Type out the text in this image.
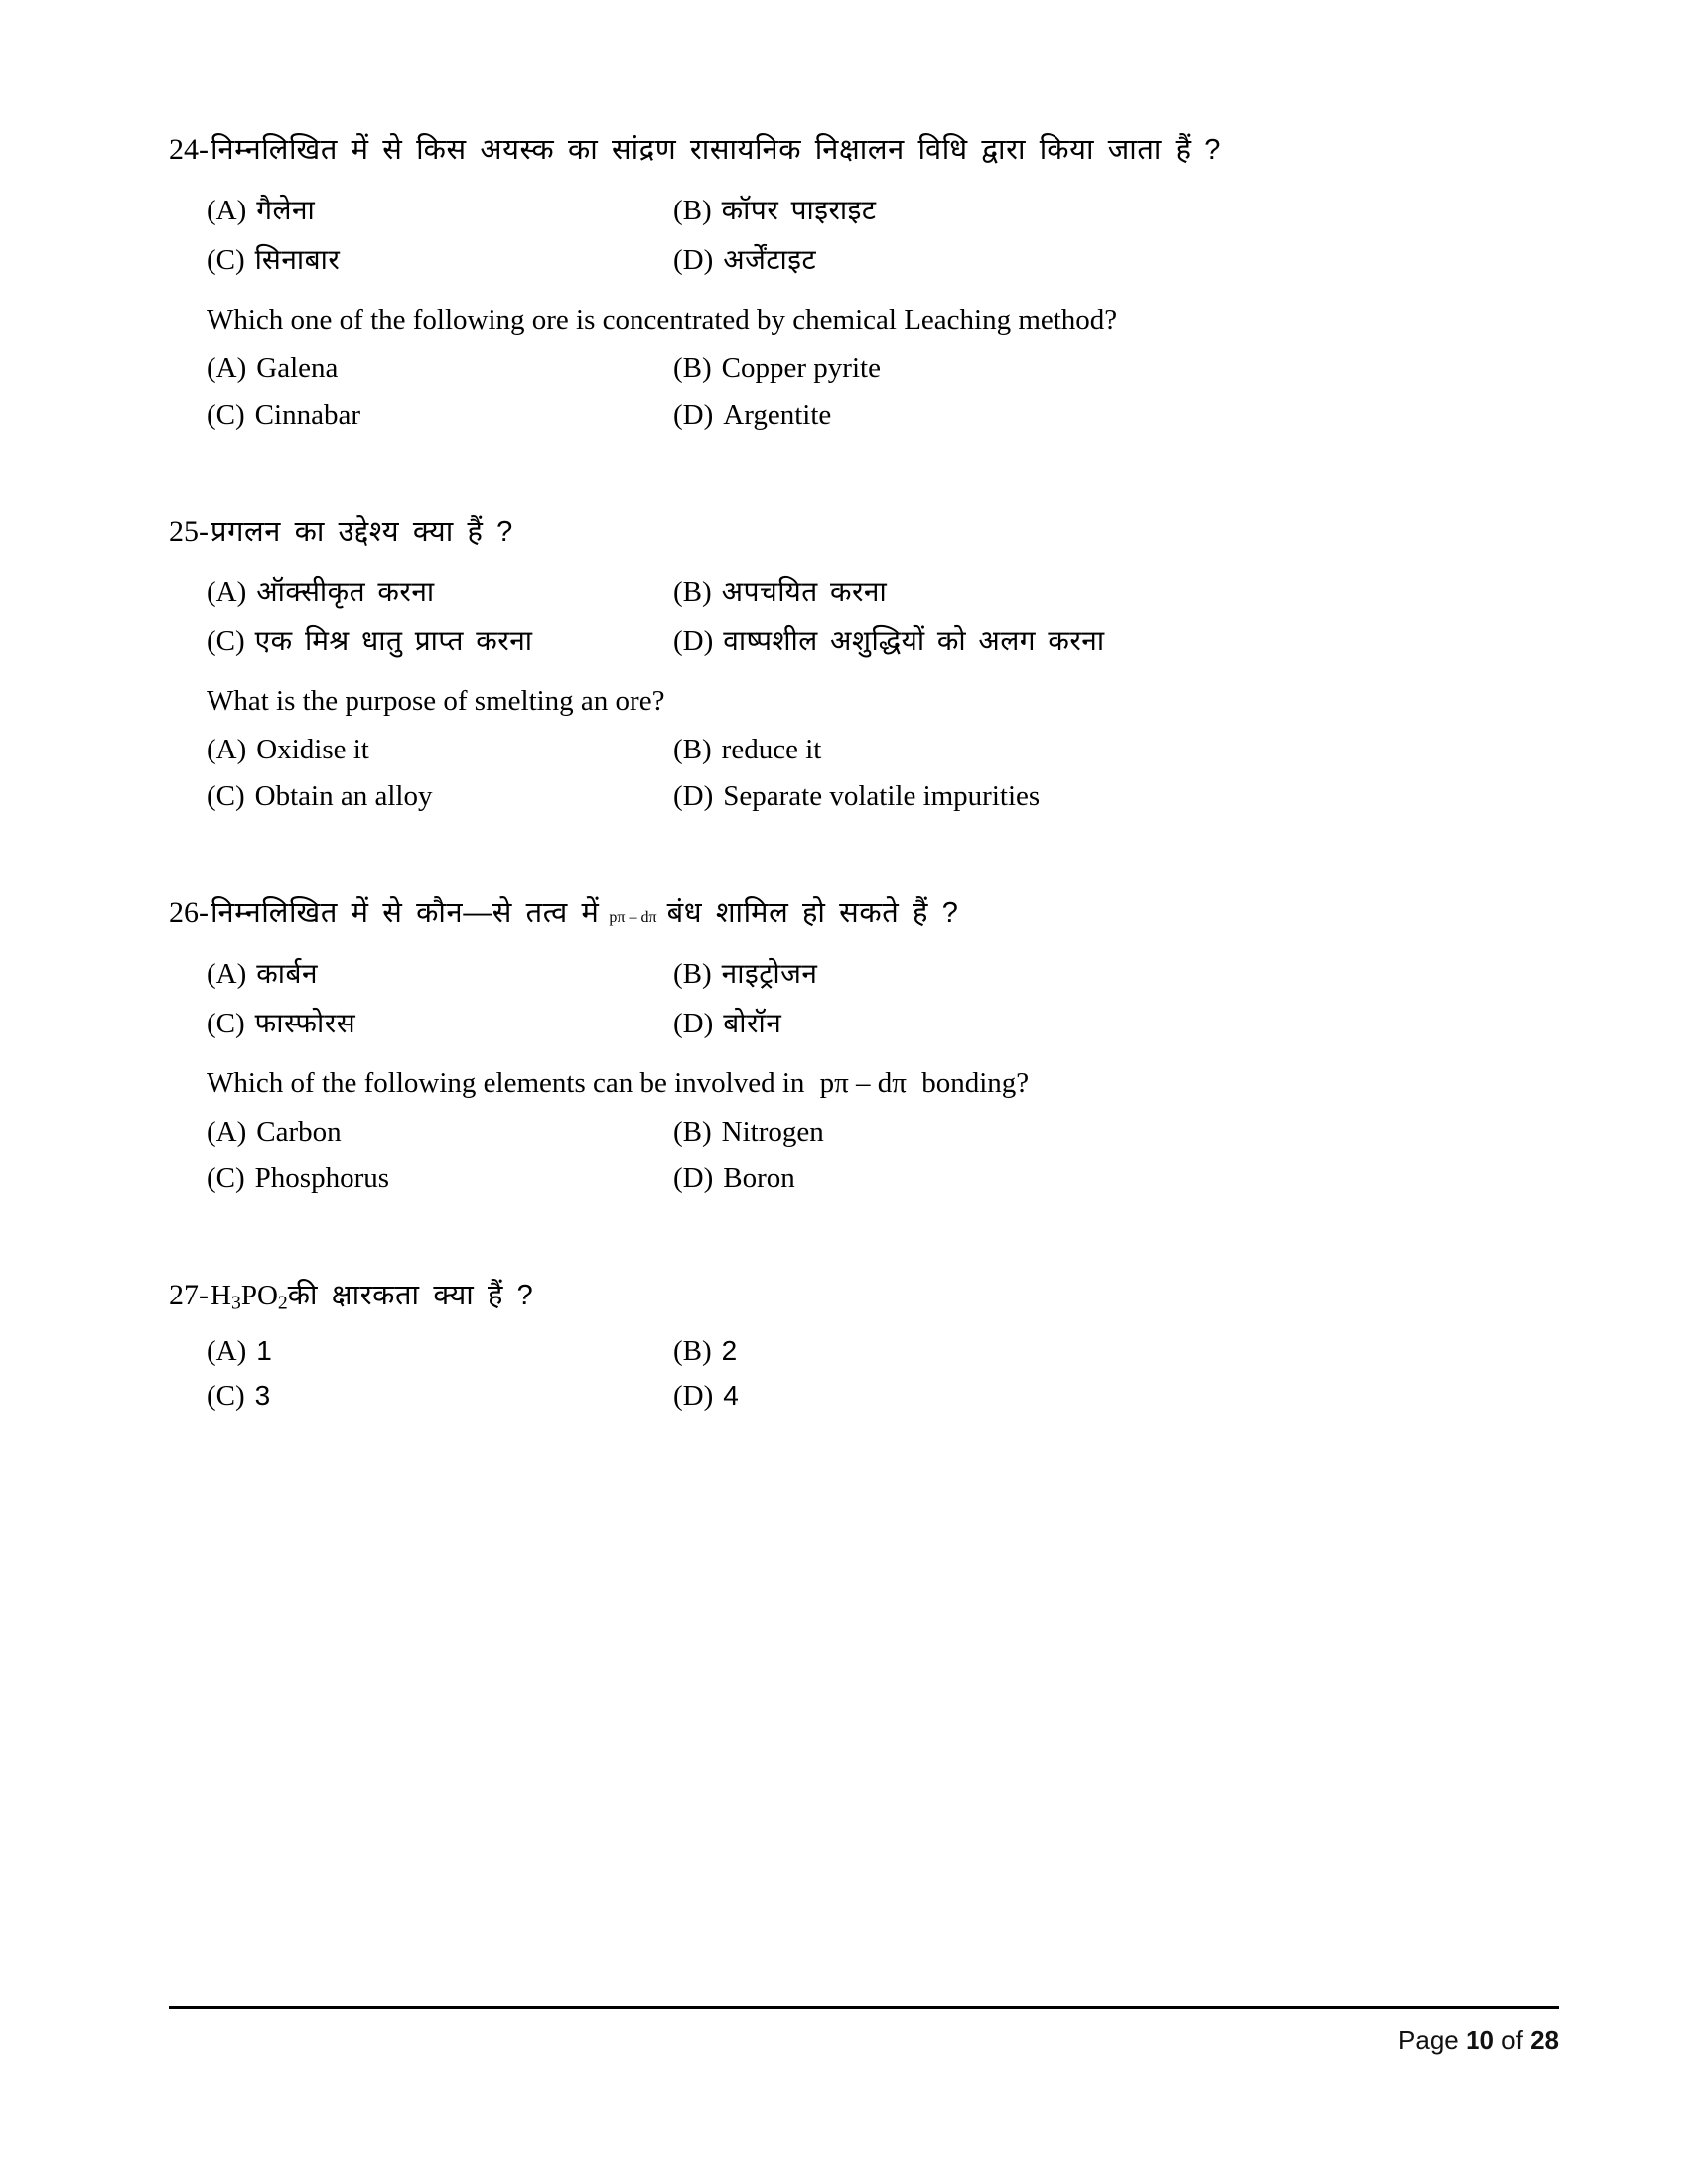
24- निम्नलिखित में से किस अयस्क का सांद्रण रासायनिक निक्षालन विधि द्वारा किया जाता हैं ?
(A) गैलेना	(B) कॉपर पाइराइट
(C) सिनाबार	(D) अर्जेंटाइट
Which one of the following ore is concentrated by chemical Leaching method?
(A) Galena	(B) Copper pyrite
(C) Cinnabar	(D) Argentite
25- प्रगलन का उद्देश्य क्या हैं ?
(A) ऑक्सीकृत करना	(B) अपचयित करना
(C) एक मिश्र धातु प्राप्त करना	(D) वाष्पशील अशुद्धियों को अलग करना
What is the purpose of smelting an ore?
(A) Oxidise it	(B) reduce it
(C) Obtain an alloy	(D) Separate volatile impurities
26- निम्नलिखित में से कौन—से तत्व में pπ – dπ बंध शामिल हो सकते हैं ?
(A) कार्बन	(B) नाइट्रोजन
(C) फास्फोरस	(D) बोरॉन
Which of the following elements can be involved in pπ – dπ bonding?
(A) Carbon	(B) Nitrogen
(C) Phosphorus	(D) Boron
27- $H_3PO_2$ की क्षारकता क्या हैं ?
(A) 1	(B) 2
(C) 3	(D) 4
Page 10 of 28
